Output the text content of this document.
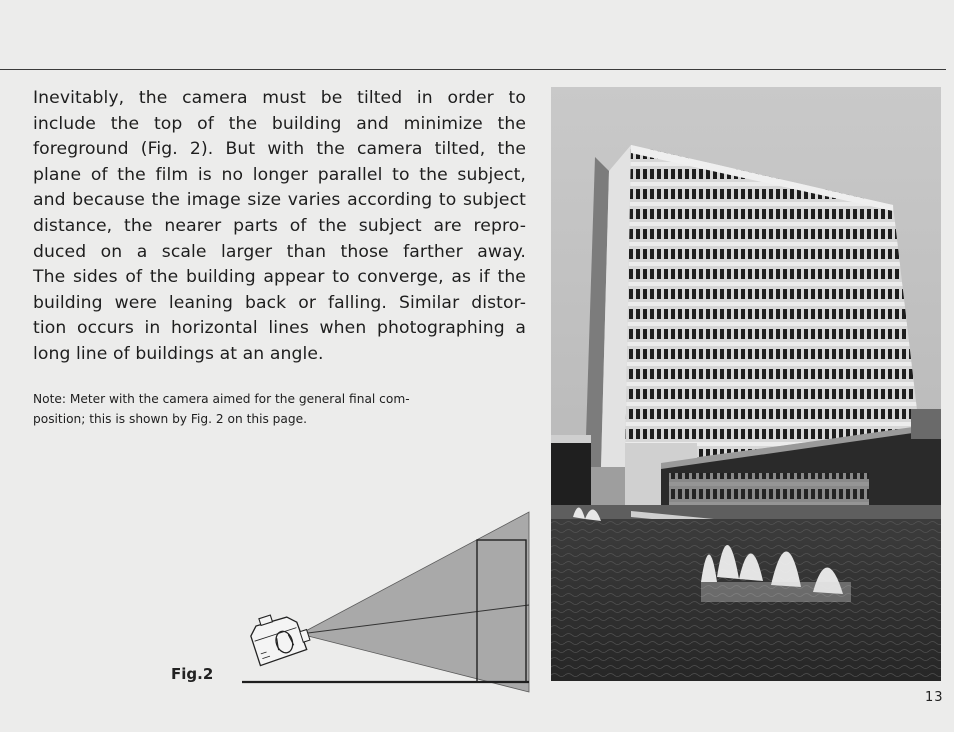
Inevitably, the camera must be tilted in order to
include the top of the building and minimize the
foreground (Fig. 2). But with the camera tilted, the
plane of the film is no longer parallel to the subject,
and because the image size varies according to subject
distance, the nearer parts of the subject are repro-
duced on a scale larger than those farther away.
The sides of the building appear to converge, as if the
building were leaning back or falling. Similar distor-
tion occurs in horizontal lines when photographing a
long line of buildings at an angle.

Note: Meter with the camera aimed for the general final com-
position; this is shown by Fig. 2 on this page.

Fig.2
13
